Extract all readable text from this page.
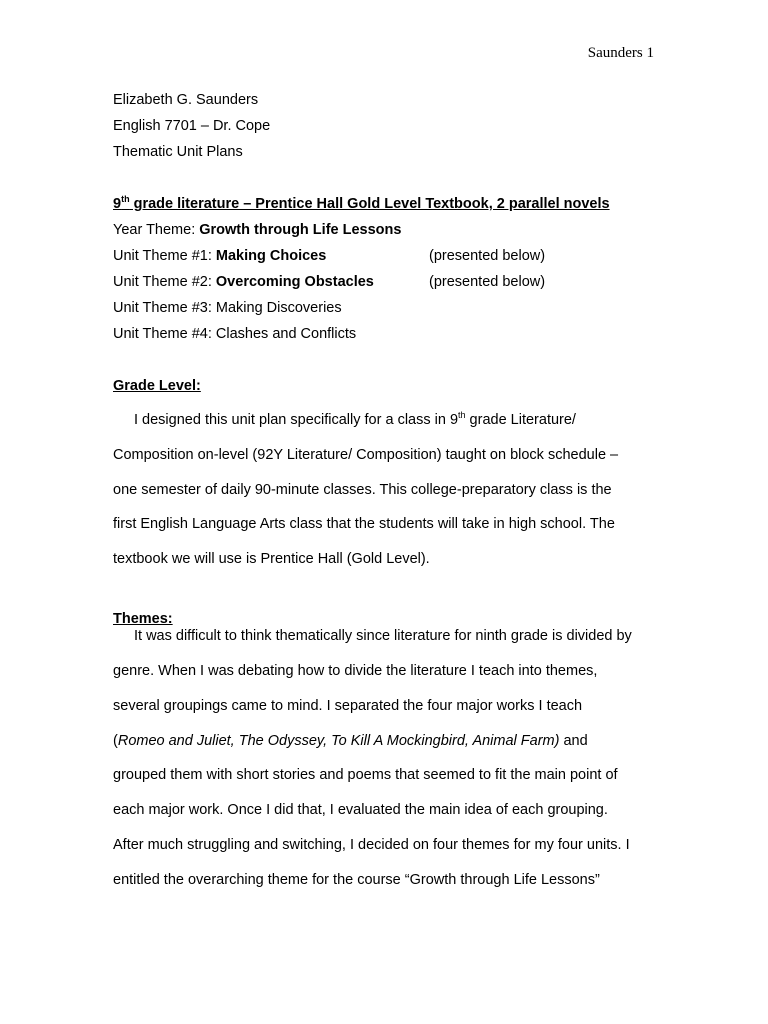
Saunders 1
Elizabeth G. Saunders
English 7701 – Dr. Cope
Thematic Unit Plans
9th grade literature – Prentice Hall Gold Level Textbook, 2 parallel novels
Year Theme: Growth through Life Lessons
Unit Theme #1: Making Choices	(presented below)
Unit Theme #2: Overcoming Obstacles	(presented below)
Unit Theme #3: Making Discoveries
Unit Theme #4: Clashes and Conflicts
Grade Level:
I designed this unit plan specifically for a class in 9th grade Literature/
Composition on-level (92Y Literature/ Composition) taught on block schedule –
one semester of daily 90-minute classes. This college-preparatory class is the
first English Language Arts class that the students will take in high school. The
textbook we will use is Prentice Hall (Gold Level).
Themes:
It was difficult to think thematically since literature for ninth grade is divided by
genre. When I was debating how to divide the literature I teach into themes,
several groupings came to mind. I separated the four major works I teach
(Romeo and Juliet, The Odyssey, To Kill A Mockingbird, Animal Farm) and
grouped them with short stories and poems that seemed to fit the main point of
each major work. Once I did that, I evaluated the main idea of each grouping.
After much struggling and switching, I decided on four themes for my four units. I
entitled the overarching theme for the course “Growth through Life Lessons”
